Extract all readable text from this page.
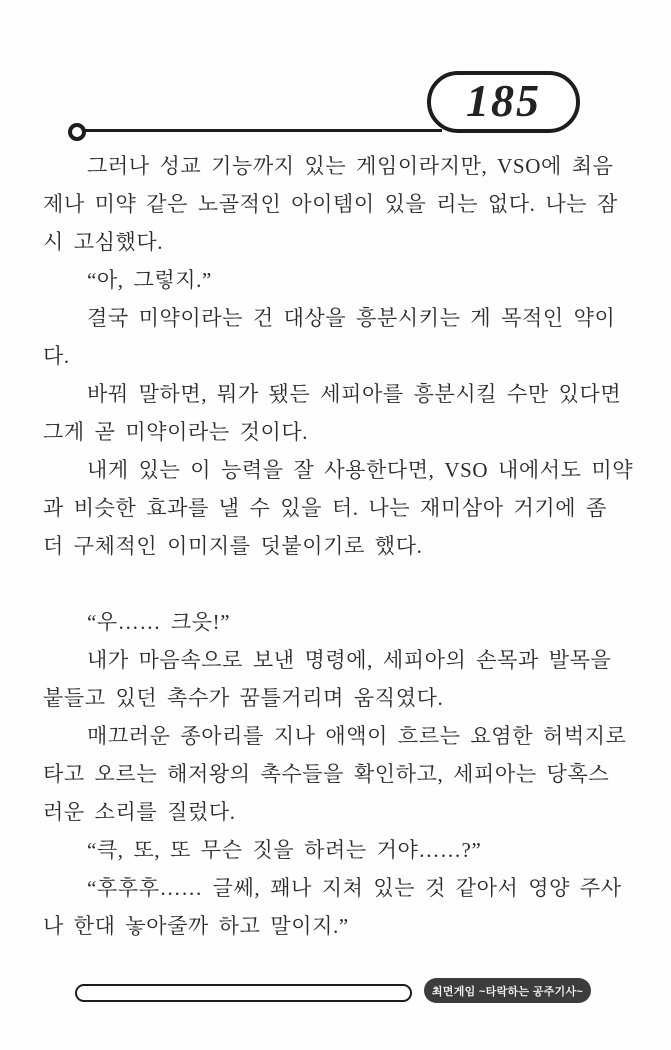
185
그러나 성교 기능까지 있는 게임이라지만, VSO에 최음
제나 미약 같은 노골적인 아이템이 있을 리는 없다. 나는 잠
시 고심했다.
“아, 그렇지.”
결국 미약이라는 건 대상을 흥분시키는 게 목적인 약이
다.
바꿔 말하면, 뭐가 됐든 세피아를 흥분시킬 수만 있다면
그게 곧 미약이라는 것이다.
내게 있는 이 능력을 잘 사용한다면, VSO 내에서도 미약
과 비슷한 효과를 낼 수 있을 터. 나는 재미삼아 거기에 좀
더 구체적인 이미지를 덧붙이기로 했다.
“우…… 크읏!”
내가 마음속으로 보낸 명령에, 세피아의 손목과 발목을
붙들고 있던 촉수가 꿈틀거리며 움직였다.
매끄러운 종아리를 지나 애액이 흐르는 요염한 허벅지로
타고 오르는 해저왕의 촉수들을 확인하고, 세피아는 당혹스
러운 소리를 질렀다.
“큭, 또, 또 무슨 짓을 하려는 거야……?”
“후후후…… 글쎄, 꽤나 지쳐 있는 것 같아서 영양 주사
나 한대 놓아줄까 하고 말이지.”
최면게임 ~타락하는 공주기사~
